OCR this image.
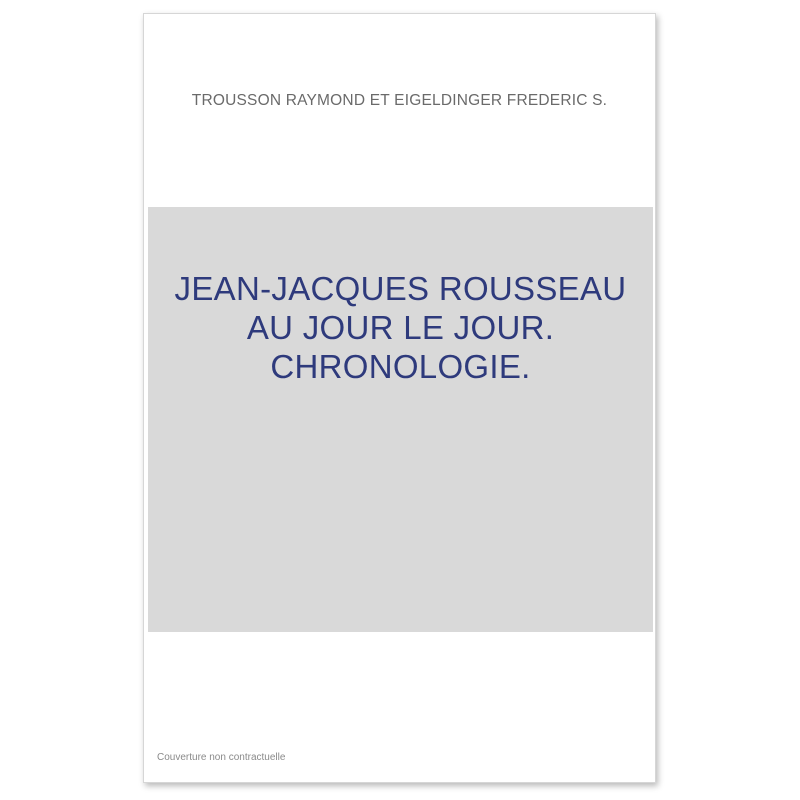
TROUSSON RAYMOND ET EIGELDINGER FREDERIC S.
JEAN-JACQUES ROUSSEAU AU JOUR LE JOUR. CHRONOLOGIE.
Couverture non contractuelle
